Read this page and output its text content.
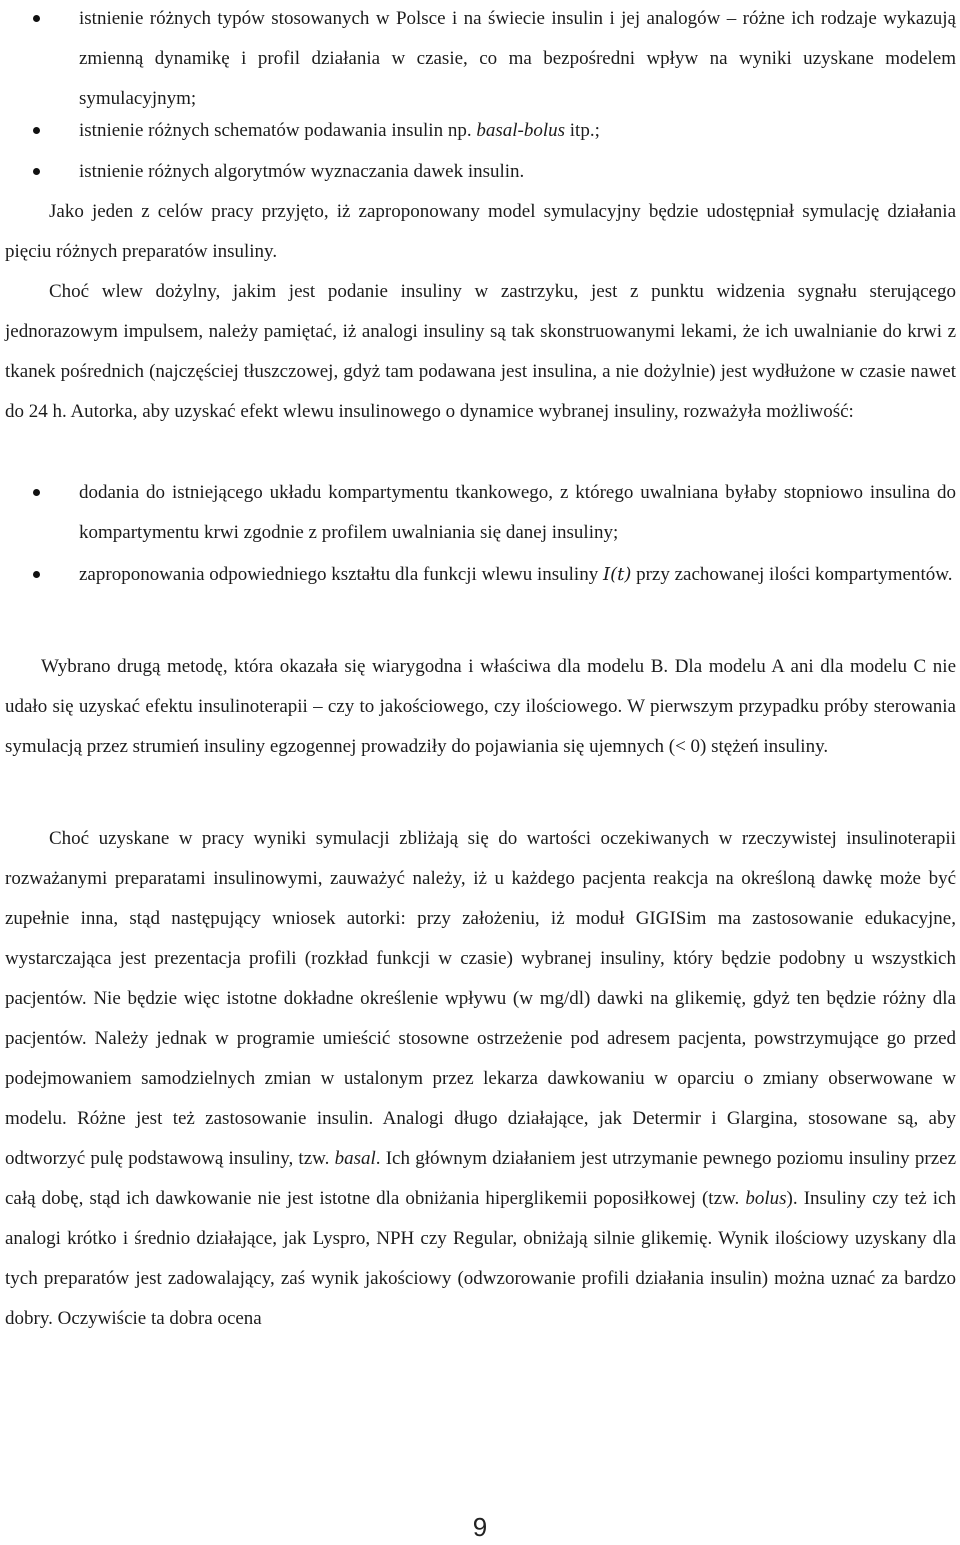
istnienie różnych typów stosowanych w Polsce i na świecie insulin i jej analogów – różne ich rodzaje wykazują zmienną dynamikę i profil działania w czasie, co ma bezpośredni wpływ na wyniki uzyskane modelem symulacyjnym;
istnienie różnych schematów podawania insulin np. basal-bolus itp.;
istnienie różnych algorytmów wyznaczania dawek insulin.

Jako jeden z celów pracy przyjęto, iż zaproponowany model symulacyjny będzie udostępniał symulację działania pięciu różnych preparatów insuliny.

Choć wlew dożylny, jakim jest podanie insuliny w zastrzyku, jest z punktu widzenia sygnału sterującego jednorazowym impulsem, należy pamiętać, iż analogi insuliny są tak skonstruowanymi lekami, że ich uwalnianie do krwi z tkanek pośrednich (najczęściej tłuszczowej, gdyż tam podawana jest insulina, a nie dożylnie) jest wydłużone w czasie nawet do 24 h. Autorka, aby uzyskać efekt wlewu insulinowego o dynamice wybranej insuliny, rozważyła możliwość:

dodania do istniejącego układu kompartymentu tkankowego, z którego uwalniana byłaby stopniowo insulina do kompartymentu krwi zgodnie z profilem uwalniania się danej insuliny;
zaproponowania odpowiedniego kształtu dla funkcji wlewu insuliny I(t) przy zachowanej ilości kompartymentów.

Wybrano drugą metodę, która okazała się wiarygodna i właściwa dla modelu B. Dla modelu A ani dla modelu C nie udało się uzyskać efektu insulinoterapii – czy to jakościowego, czy ilościowego. W pierwszym przypadku próby sterowania symulacją przez strumień insuliny egzogennej prowadziły do pojawiania się ujemnych (< 0) stężeń insuliny.

Choć uzyskane w pracy wyniki symulacji zbliżają się do wartości oczekiwanych w rzeczywistej insulinoterapii rozważanymi preparatami insulinowymi, zauważyć należy, iż u każdego pacjenta reakcja na określoną dawkę może być zupełnie inna, stąd następujący wniosek autorki: przy założeniu, iż moduł GIGISim ma zastosowanie edukacyjne, wystarczająca jest prezentacja profili (rozkład funkcji w czasie) wybranej insuliny, który będzie podobny u wszystkich pacjentów. Nie będzie więc istotne dokładne określenie wpływu (w mg/dl) dawki na glikemię, gdyż ten będzie różny dla pacjentów. Należy jednak w programie umieścić stosowne ostrzeżenie pod adresem pacjenta, powstrzymujące go przed podejmowaniem samodzielnych zmian w ustalonym przez lekarza dawkowaniu w oparciu o zmiany obserwowane w modelu. Różne jest też zastosowanie insulin. Analogi długo działające, jak Determir i Glargina, stosowane są, aby odtworzyć pulę podstawową insuliny, tzw. basal. Ich głównym działaniem jest utrzymanie pewnego poziomu insuliny przez całą dobę, stąd ich dawkowanie nie jest istotne dla obniżania hiperglikemii poposiłkowej (tzw. bolus). Insuliny czy też ich analogi krótko i średnio działające, jak Lyspro, NPH czy Regular, obniżają silnie glikemię. Wynik ilościowy uzyskany dla tych preparatów jest zadowalający, zaś wynik jakościowy (odwzorowanie profili działania insulin) można uznać za bardzo dobry. Oczywiście ta dobra ocena

9
